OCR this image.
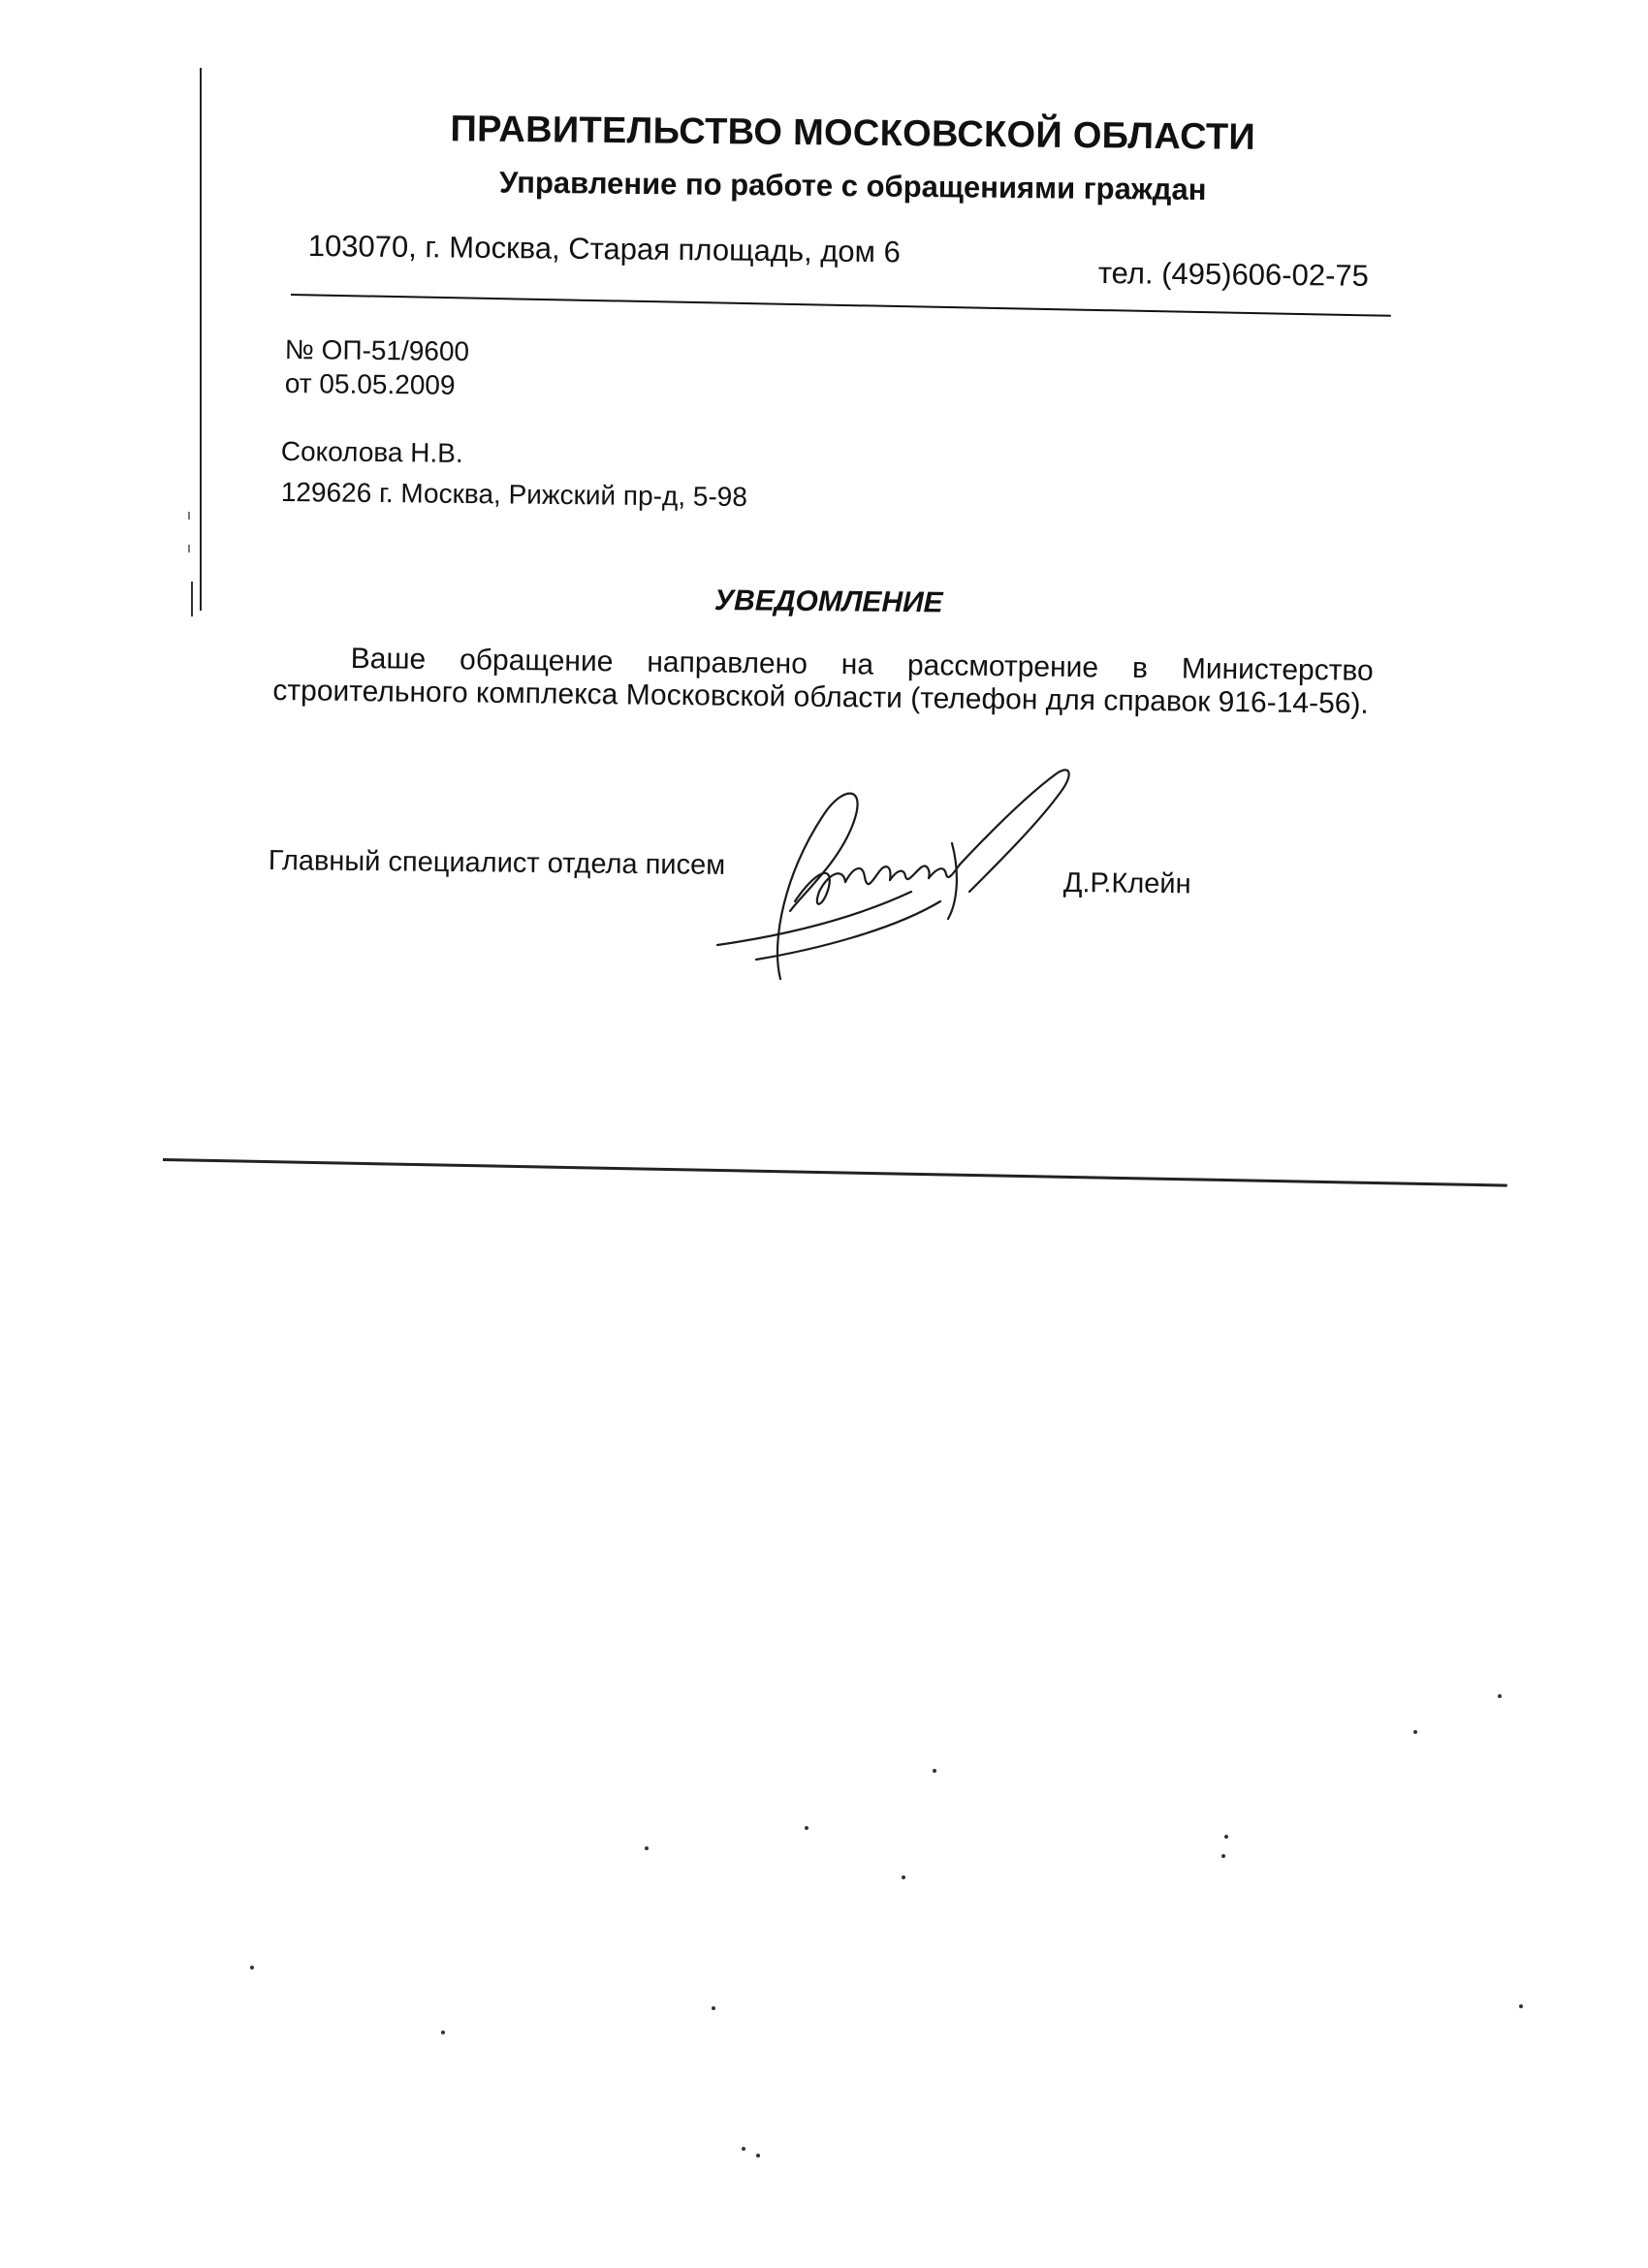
ПРАВИТЕЛЬСТВО МОСКОВСКОЙ ОБЛАСТИ
Управление по работе с обращениями граждан
103070, г. Москва, Старая площадь, дом 6
тел. (495)606-02-75
№ ОП-51/9600
от 05.05.2009
Соколова Н.В.
129626 г. Москва, Рижский пр-д, 5-98
УВЕДОМЛЕНИЕ
Ваше обращение направлено на рассмотрение в Министерство строительного комплекса Московской области (телефон для справок 916-14-56).
Главный специалист отдела писем
Д.Р.Клейн
